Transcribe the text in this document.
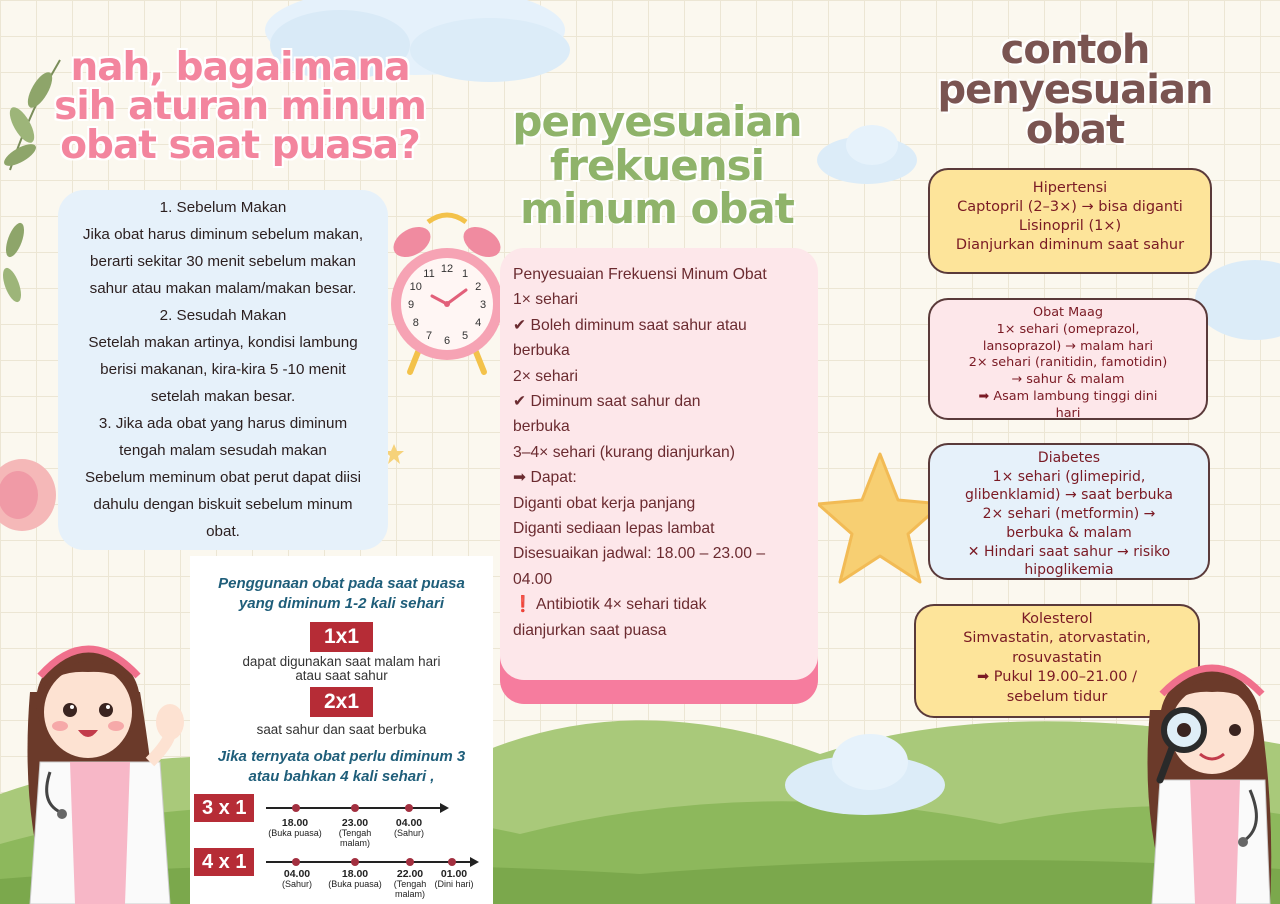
nah, bagaimana
sih aturan minum
obat saat puasa?	penyesuaian
frekuensi
minum obat
contoh
penyesuaian
obat
1. Sebelum Makan
Jika obat harus diminum sebelum makan,
berarti sekitar 30 menit sebelum makan
sahur atau makan malam/makan besar.
2. Sesudah Makan
Setelah makan artinya, kondisi lambung
berisi makanan, kira-kira 5 -10 menit
setelah makan besar.
3. Jika ada obat yang harus diminum
tengah malam sesudah makan
Sebelum meminum obat perut dapat diisi
dahulu dengan biskuit sebelum minum
obat.
12 1
2
3
4
5
6
7
8
9
10
11	Penyesuaian Frekuensi Minum Obat
1× sehari
✔ Boleh diminum saat sahur atau
berbuka
2× sehari
✔ Diminum saat sahur dan
berbuka
3–4× sehari (kurang dianjurkan)
➡ Dapat:
Diganti obat kerja panjang
Diganti sediaan lepas lambat
Disesuaikan jadwal: 18.00 – 23.00 –
04.00
❗ Antibiotik 4× sehari tidak
dianjurkan saat puasa
Hipertensi
Captopril (2–3×) → bisa diganti
Lisinopril (1×)
Dianjurkan diminum saat sahur
Obat Maag
1× sehari (omeprazol,
lansoprazol) → malam hari
2× sehari (ranitidin, famotidin)
→ sahur & malam
➡ Asam lambung tinggi dini
hari
Diabetes
1× sehari (glimepirid,
glibenklamid) → saat berbuka
2× sehari (metformin) →
berbuka & malam
✕ Hindari saat sahur → risiko
hipoglikemia
Kolesterol
Simvastatin, atorvastatin,
rosuvastatin
➡ Pukul 19.00–21.00 /
sebelum tidur
Penggunaan obat pada saat puasa
yang diminum 1-2 kali sehari
1x1
dapat digunakan saat malam hari
atau saat sahur
2x1
saat sahur dan saat berbuka
Jika ternyata obat perlu diminum 3
atau bahkan 4 kali sehari ,
3 x 1
18.00
(Buka puasa)
23.00
(Tengah
malam)
04.00
(Sahur)
4 x 1
04.00
(Sahur)
18.00
(Buka puasa)
22.00
(Tengah
malam)
01.00
(Dini hari)
